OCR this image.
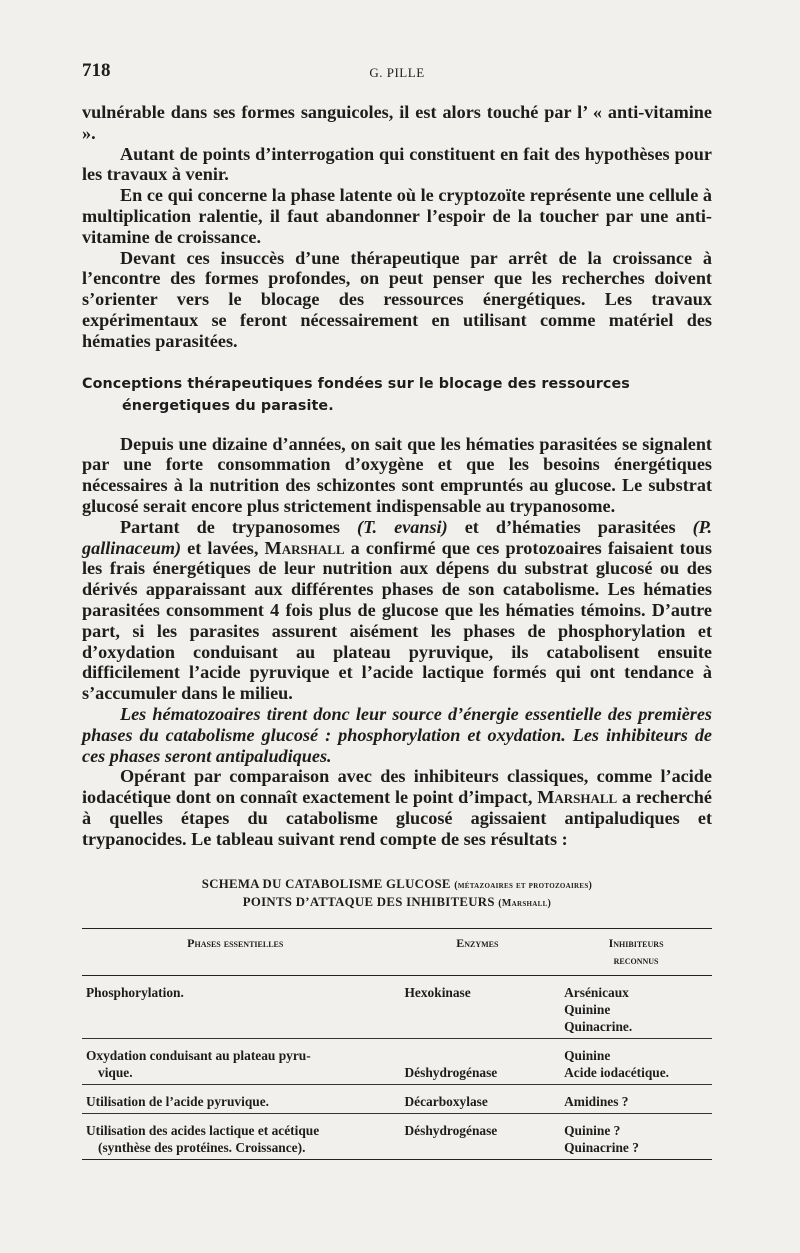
718	G. PILLE

vulnérable dans ses formes sanguicoles, il est alors touché par l’ « anti-vitamine ».

Autant de points d’interrogation qui constituent en fait des hypothèses pour les travaux à venir.

En ce qui concerne la phase latente où le cryptozoïte représente une cellule à multiplication ralentie, il faut abandonner l’espoir de la toucher par une anti-vitamine de croissance.

Devant ces insuccès d’une thérapeutique par arrêt de la croissance à l’encontre des formes profondes, on peut penser que les recherches doivent s’orienter vers le blocage des ressources énergétiques. Les travaux expérimentaux se feront nécessairement en utilisant comme matériel des hématies parasitées.

Conceptions thérapeutiques fondées sur le blocage des ressources énergetiques du parasite.

Depuis une dizaine d’années, on sait que les hématies parasitées se signalent par une forte consommation d’oxygène et que les besoins énergétiques nécessaires à la nutrition des schizontes sont empruntés au glucose. Le substrat glucosé serait encore plus strictement indispensable au trypanosome.

Partant de trypanosomes (T. evansi) et d’hématies parasitées (P. gallinaceum) et lavées, Marshall a confirmé que ces protozoaires faisaient tous les frais énergétiques de leur nutrition aux dépens du substrat glucosé ou des dérivés apparaissant aux différentes phases de son catabolisme. Les hématies parasitées consomment 4 fois plus de glucose que les hématies témoins. D’autre part, si les parasites assurent aisément les phases de phosphorylation et d’oxydation conduisant au plateau pyruvique, ils catabolisent ensuite difficilement l’acide pyruvique et l’acide lactique formés qui ont tendance à s’accumuler dans le milieu.

Les hématozoaires tirent donc leur source d’énergie essentielle des premières phases du catabolisme glucosé : phosphorylation et oxydation. Les inhibiteurs de ces phases seront antipaludiques.

Opérant par comparaison avec des inhibiteurs classiques, comme l’acide iodacétique dont on connaît exactement le point d’impact, Marshall a recherché à quelles étapes du catabolisme glucosé agissaient antipaludiques et trypanocides. Le tableau suivant rend compte de ses résultats :

SCHEMA DU CATABOLISME GLUCOSE (métazoaires et protozoaires)
POINTS D’ATTAQUE DES INHIBITEURS (Marshall)
Phases essentielles	Enzymes	Inhibiteurs
reconnus

Phosphorylation.	Hexokinase	Arsénicaux
Quinine
Quinacrine.

Oxydation conduisant au plateau pyru-
vique.	Déshydrogénase	Quinine
Acide iodacétique.

Utilisation de l’acide pyruvique.	Décarboxylase	Amidines ?

Utilisation des acides lactique et acétique
(synthèse des protéines. Croissance).	Déshydrogénase	Quinine ?
Quinacrine ?
